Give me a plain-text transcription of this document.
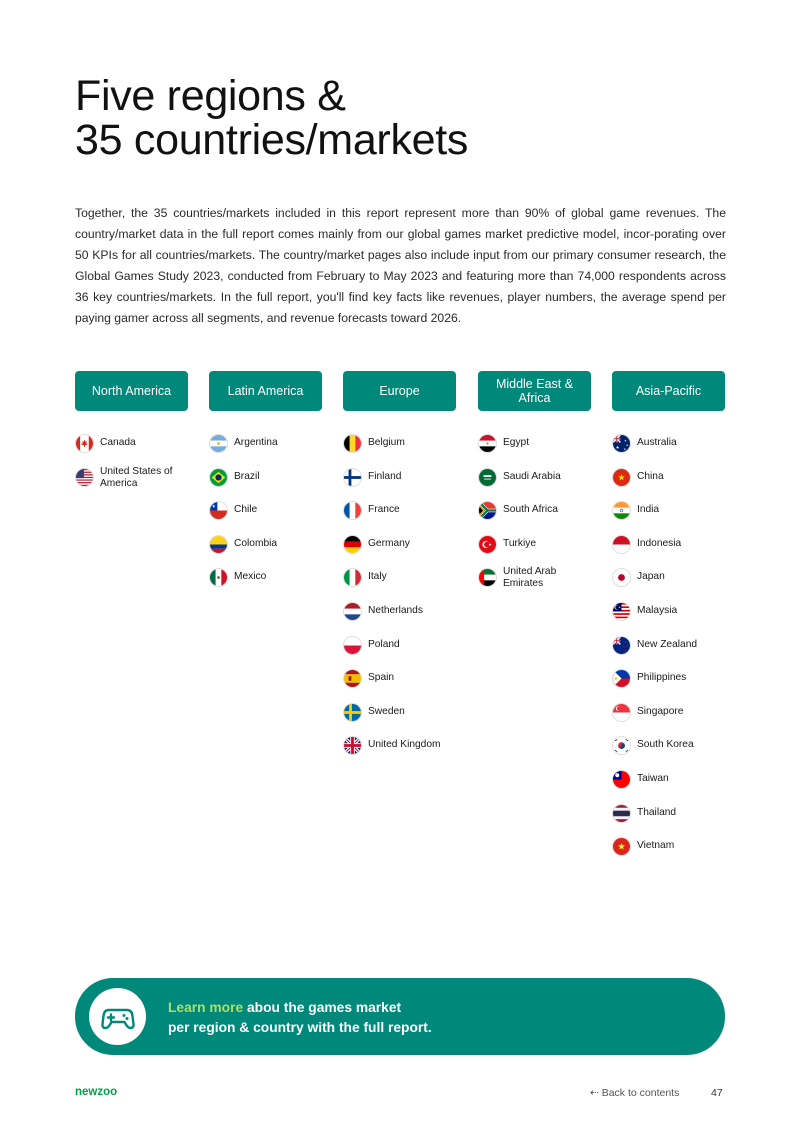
Five regions &
35 countries/markets

Together, the 35 countries/markets included in this report represent more than 90% of global game revenues. The country/market data in the full report comes mainly from our global games market predictive model, incor-porating over 50 KPIs for all countries/markets. The country/market pages also include input from our primary consumer research, the Global Games Study 2023, conducted from February to May 2023 and featuring more than 74,000 respondents across 36 key countries/markets. In the full report, you'll find key facts like revenues, player numbers, the average spend per paying gamer across all segments, and revenue forecasts toward 2026.

North America
Canada
United States of America
Latin America
Argentina
Brazil
Chile
Colombia
Mexico
Europe
Belgium
Finland
France
Germany
Italy
Netherlands
Poland
Spain
Sweden
United Kingdom
Middle East & Africa
Egypt
Saudi Arabia
South Africa
Turkiye
United Arab Emirates
Asia-Pacific
Australia
China
India
Indonesia
Japan
Malaysia
New Zealand
Philippines
Singapore
South Korea
Taiwan
Thailand
Vietnam
Learn more abou the games market
per region & country with the full report.
newzoo	⇠ Back to contents	47
